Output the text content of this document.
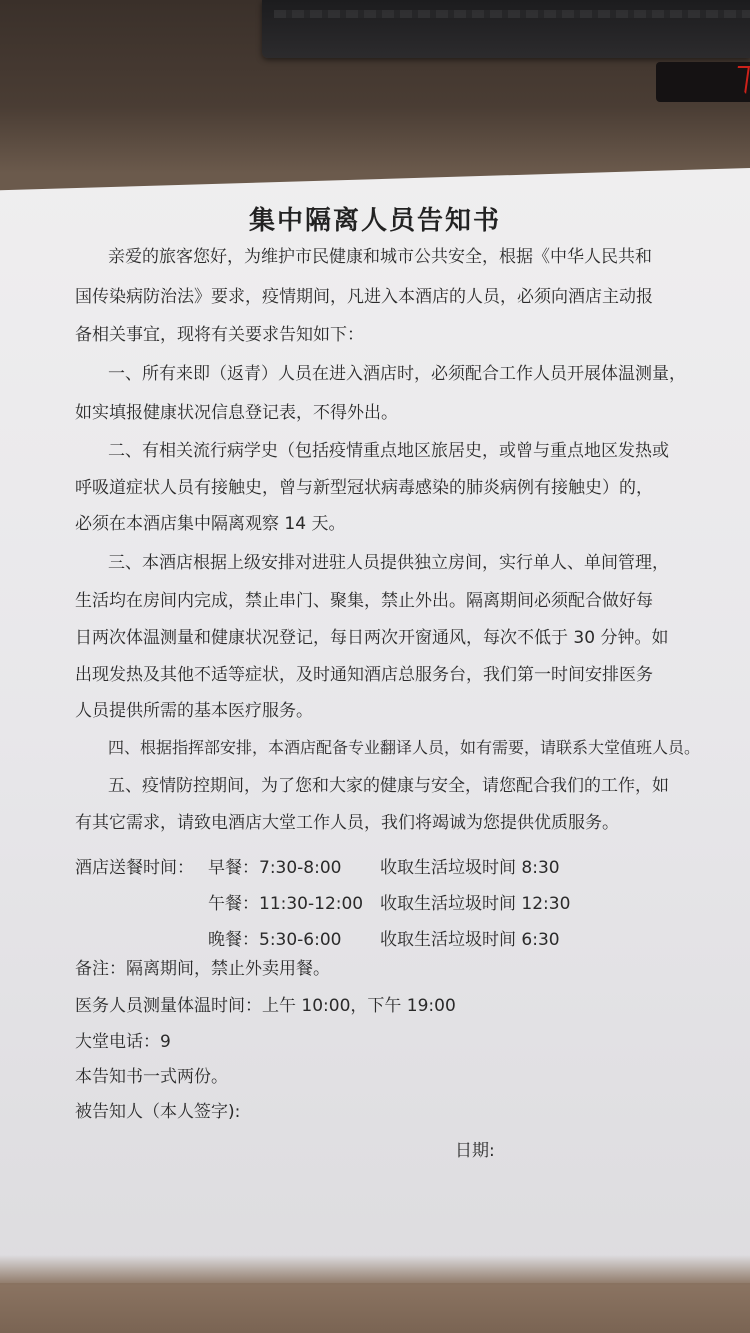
集中隔离人员告知书
亲爱的旅客您好，为维护市民健康和城市公共安全，根据《中华人民共和
国传染病防治法》要求，疫情期间，凡进入本酒店的人员，必须向酒店主动报
备相关事宜，现将有关要求告知如下：
一、所有来即（返青）人员在进入酒店时，必须配合工作人员开展体温测量，
如实填报健康状况信息登记表，不得外出。
二、有相关流行病学史（包括疫情重点地区旅居史，或曾与重点地区发热或
呼吸道症状人员有接触史，曾与新型冠状病毒感染的肺炎病例有接触史）的，
必须在本酒店集中隔离观察 14 天。
三、本酒店根据上级安排对进驻人员提供独立房间，实行单人、单间管理，
生活均在房间内完成，禁止串门、聚集，禁止外出。隔离期间必须配合做好每
日两次体温测量和健康状况登记，每日两次开窗通风，每次不低于 30 分钟。如
出现发热及其他不适等症状，及时通知酒店总服务台，我们第一时间安排医务
人员提供所需的基本医疗服务。
四、根据指挥部安排，本酒店配备专业翻译人员，如有需要，请联系大堂值班人员。
五、疫情防控期间，为了您和大家的健康与安全，请您配合我们的工作，如
有其它需求，请致电酒店大堂工作人员，我们将竭诚为您提供优质服务。
酒店送餐时间： 早餐：7:30-8:00 收取生活垃圾时间 8:30
午餐：11:30-12:00 收取生活垃圾时间 12:30
晚餐：5:30-6:00 收取生活垃圾时间 6:30
备注：隔离期间，禁止外卖用餐。
医务人员测量体温时间：上午 10:00，下午 19:00
大堂电话：9
本告知书一式两份。
被告知人（本人签字):
日期:
